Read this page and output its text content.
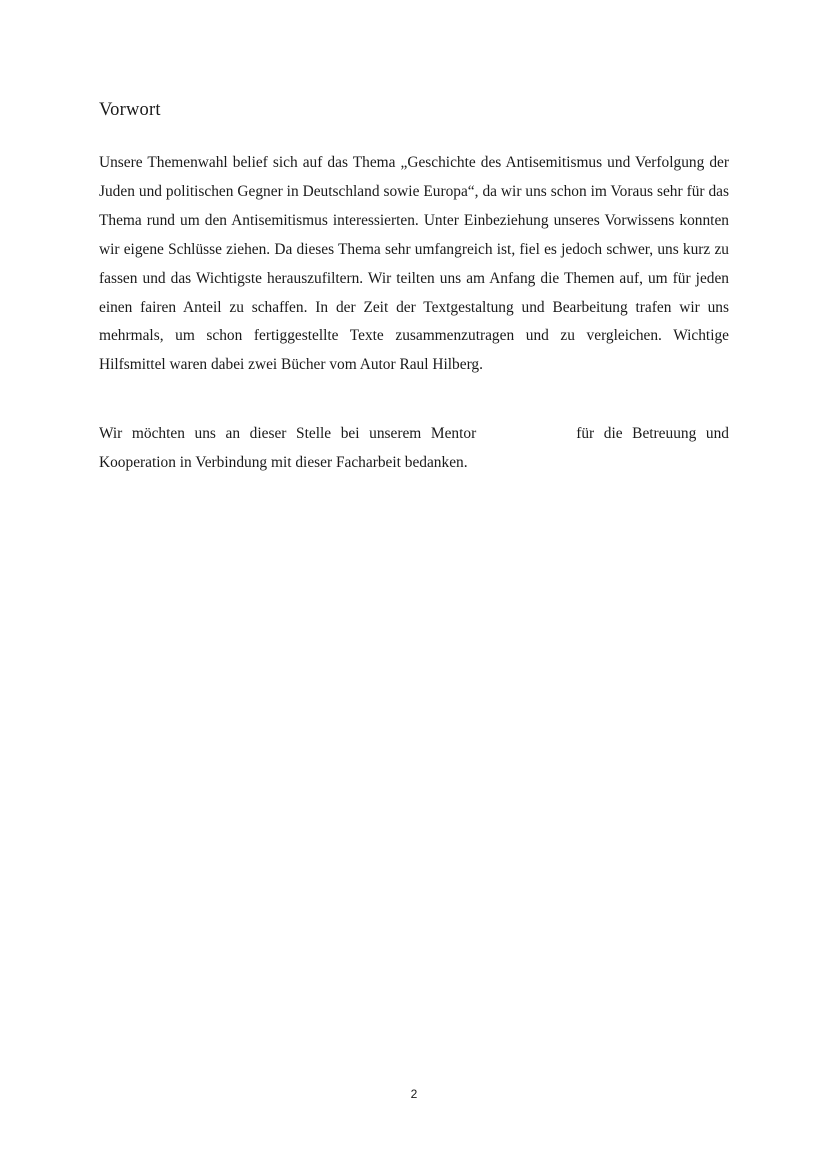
Vorwort

Unsere Themenwahl belief sich auf das Thema „Geschichte des Antisemitismus und Verfolgung der Juden und politischen Gegner in Deutschland sowie Europa“, da wir uns schon im Voraus sehr für das Thema rund um den Antisemitismus interessierten. Unter Einbeziehung unseres Vorwissens konnten wir eigene Schlüsse ziehen. Da dieses Thema sehr umfangreich ist, fiel es jedoch schwer, uns kurz zu fassen und das Wichtigste herauszufiltern. Wir teilten uns am Anfang die Themen auf, um für jeden einen fairen Anteil zu schaffen. In der Zeit der Textgestaltung und Bearbeitung trafen wir uns mehrmals, um schon fertiggestellte Texte zusammenzutragen und zu vergleichen. Wichtige Hilfsmittel waren dabei zwei Bücher vom Autor Raul Hilberg.

Wir möchten uns an dieser Stelle bei unserem Mentor	für die Betreuung und Kooperation in Verbindung mit dieser Facharbeit bedanken.

2
